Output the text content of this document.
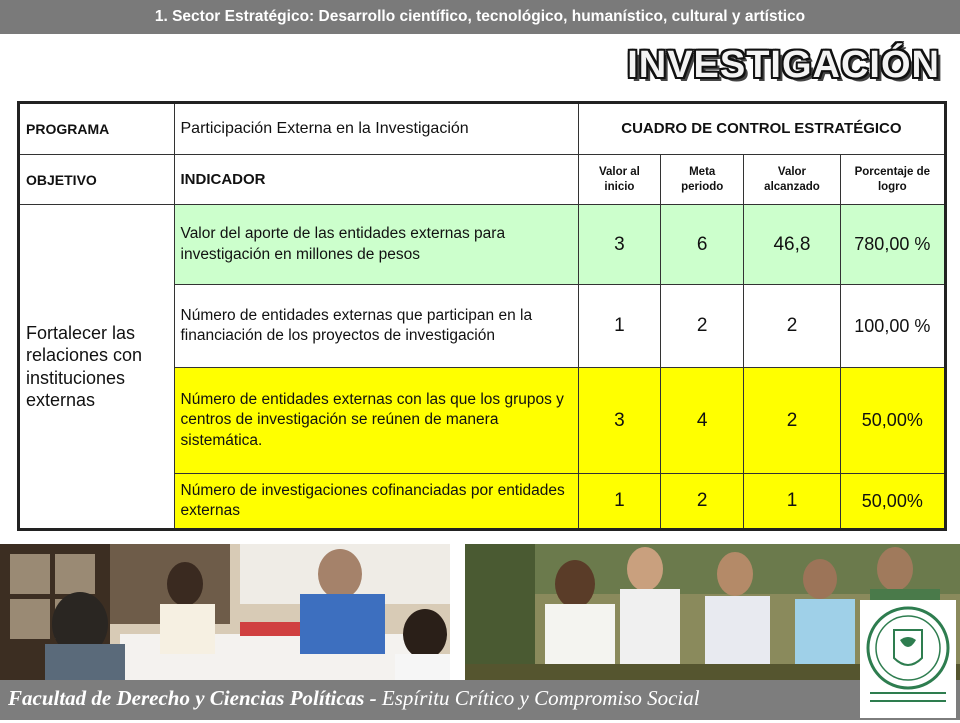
1. Sector Estratégico: Desarrollo científico, tecnológico, humanístico, cultural y artístico
INVESTIGACIÓN
PROGRAMA	Participación Externa en la Investigación	CUADRO DE CONTROL ESTRATÉGICO			
OBJETIVO	INDICADOR	Valor al inicio	Meta periodo	Valor alcanzado	Porcentaje de logro
Fortalecer las relaciones con instituciones externas	Valor del aporte de las entidades externas para investigación en millones de pesos	3	6	46,8	780,00 %
	Número de entidades externas que participan en la financiación de los proyectos de investigación	1	2	2	100,00 %
	Número de entidades externas con las que los grupos y centros de investigación se reúnen de manera sistemática.	3	4	2	50,00%
	Número de investigaciones cofinanciadas por entidades externas	1	2	1	50,00%
Facultad de Derecho y Ciencias Políticas - Espíritu Crítico y Compromiso Social
